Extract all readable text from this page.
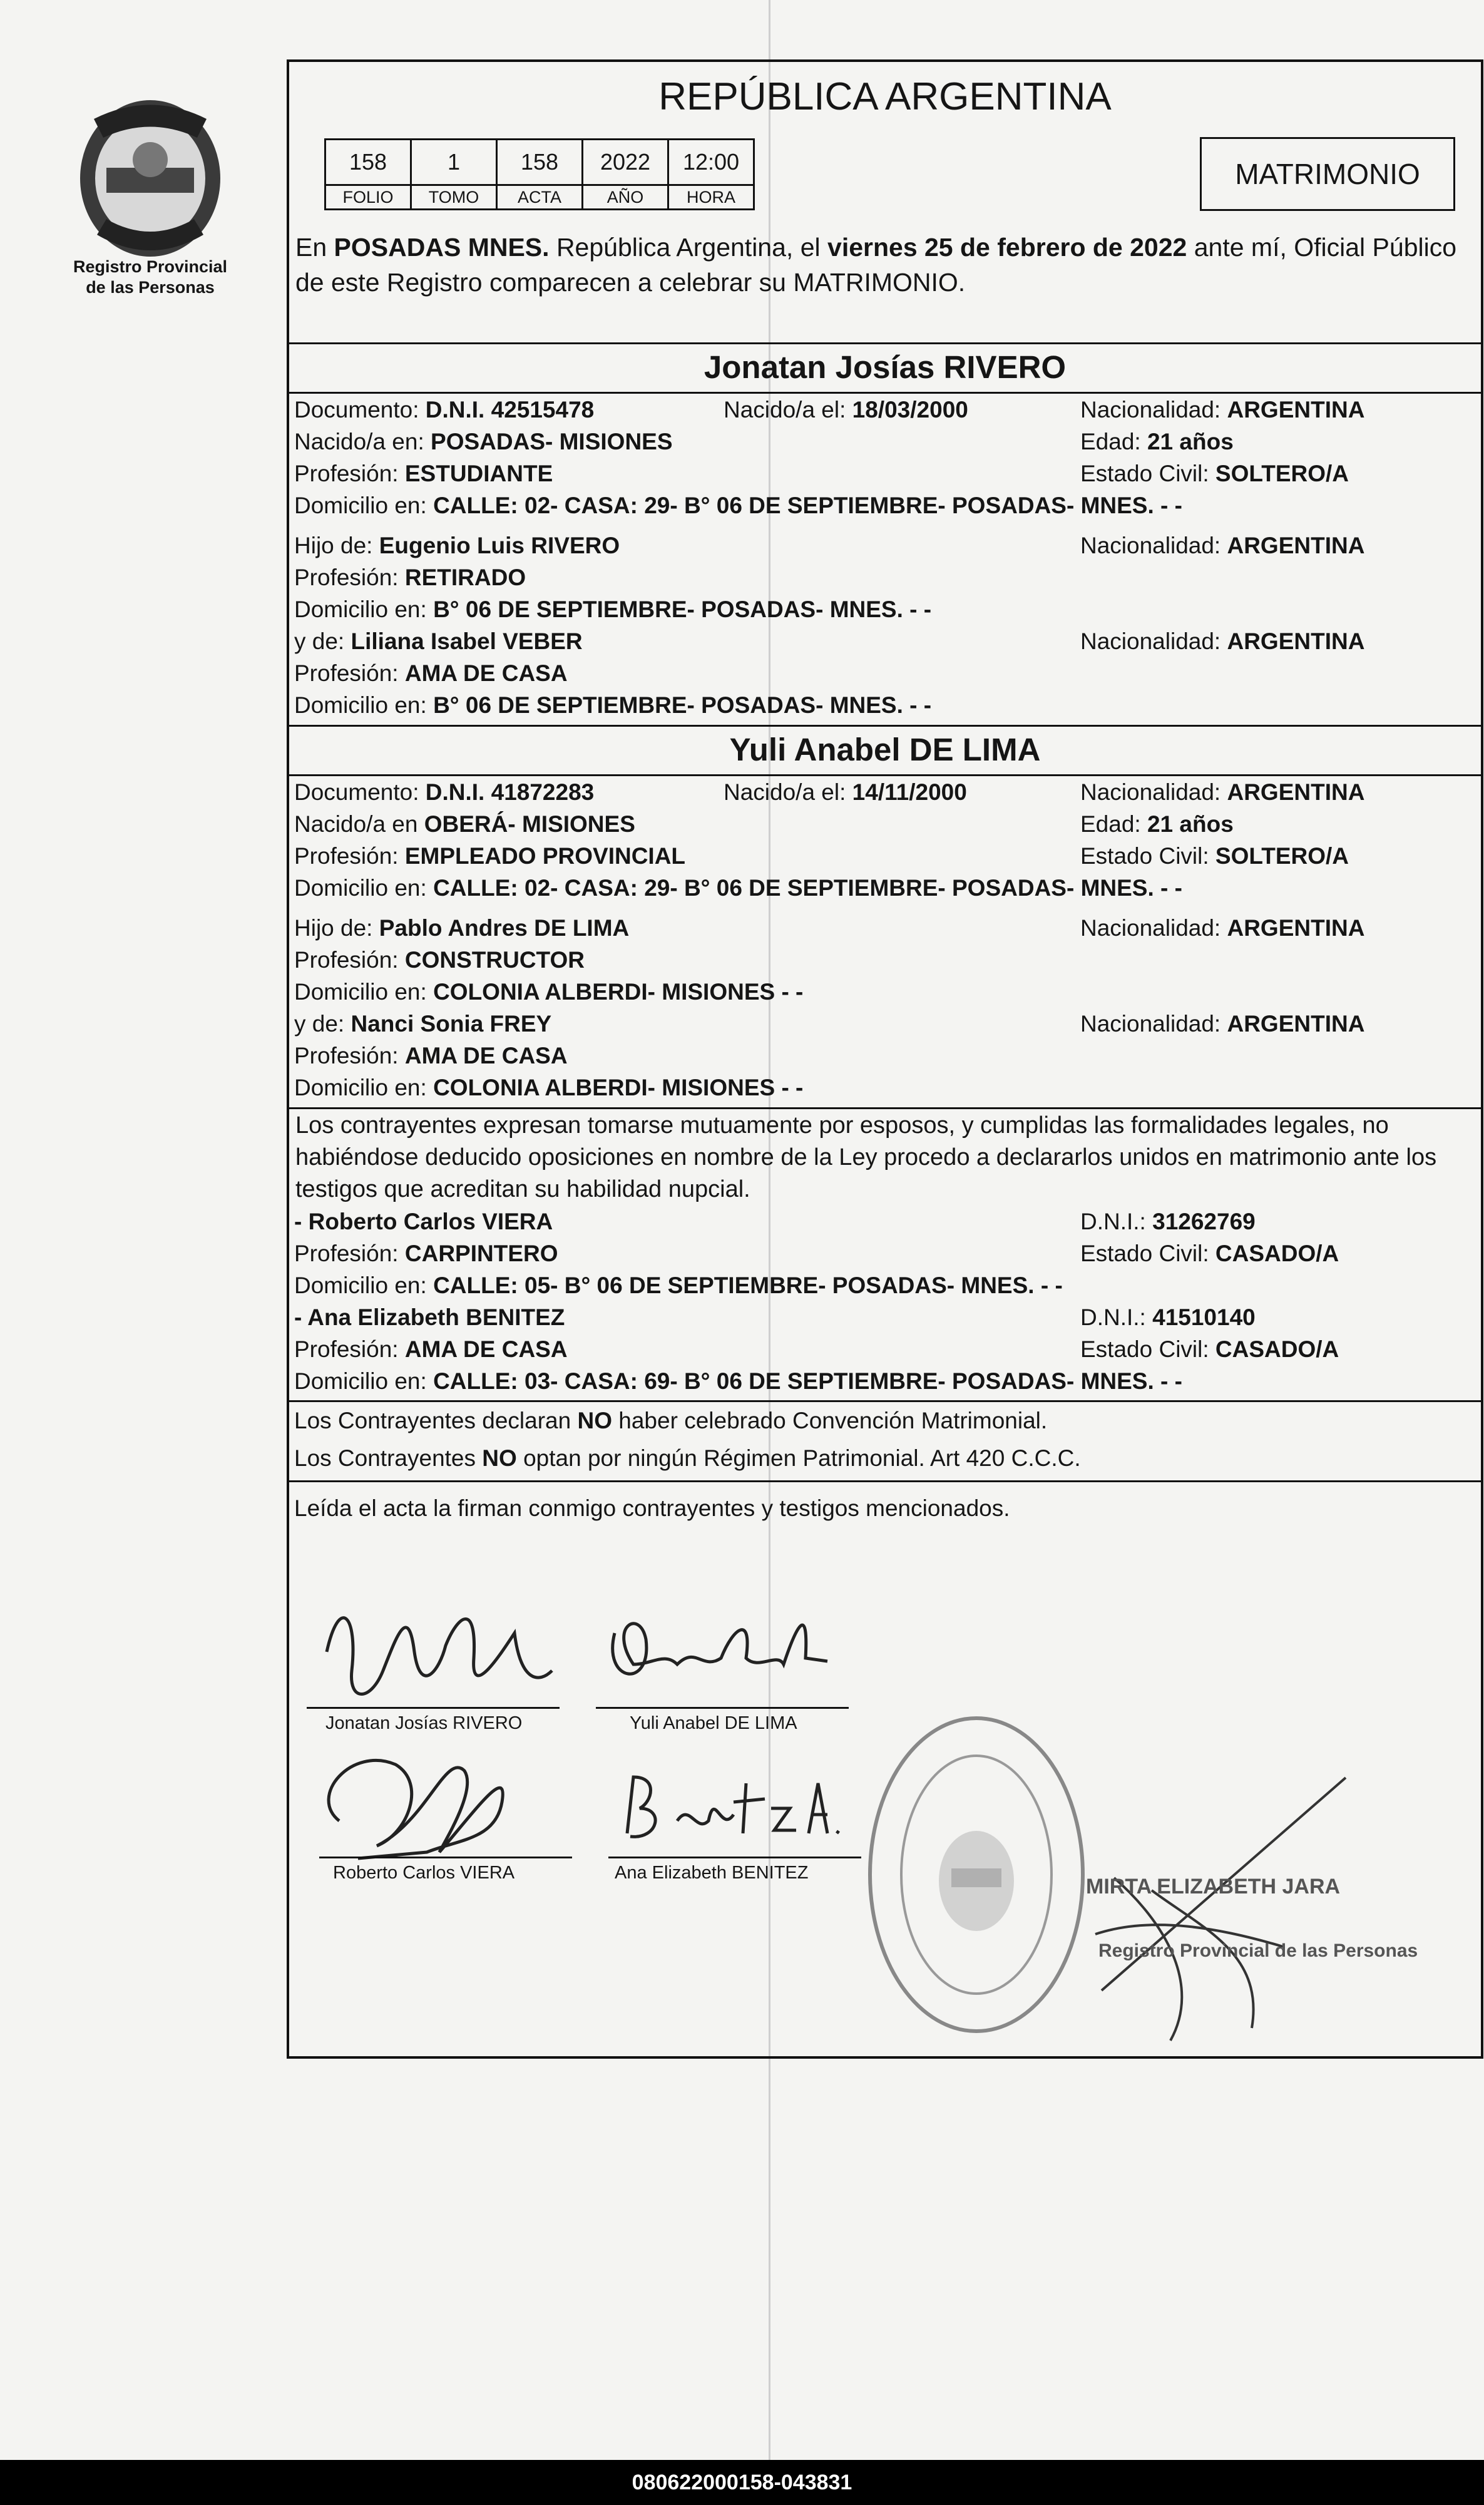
Registro Provincial
de las Personas
REPÚBLICA ARGENTINA
158	1	158	2022	12:00
FOLIO	TOMO	ACTA	AÑO	HORA
MATRIMONIO
En POSADAS MNES. República Argentina, el viernes 25 de febrero de 2022 ante mí, Oficial Público de este Registro comparecen a celebrar su MATRIMONIO.
Jonatan Josías RIVERO
Documento: D.N.I. 42515478	Nacido/a el: 18/03/2000	Nacionalidad: ARGENTINA
Nacido/a en: POSADAS- MISIONES	Edad: 21 años
Profesión: ESTUDIANTE	Estado Civil: SOLTERO/A
Domicilio en: CALLE: 02- CASA: 29- B° 06 DE SEPTIEMBRE- POSADAS- MNES. - -
Hijo de: Eugenio Luis RIVERO	Nacionalidad: ARGENTINA
Profesión: RETIRADO
Domicilio en: B° 06 DE SEPTIEMBRE- POSADAS- MNES. - -
y de: Liliana Isabel VEBER	Nacionalidad: ARGENTINA
Profesión: AMA DE CASA
Domicilio en: B° 06 DE SEPTIEMBRE- POSADAS- MNES. - -
Yuli Anabel DE LIMA
Documento: D.N.I. 41872283	Nacido/a el: 14/11/2000	Nacionalidad: ARGENTINA
Nacido/a en OBERÁ- MISIONES	Edad: 21 años
Profesión: EMPLEADO PROVINCIAL	Estado Civil: SOLTERO/A
Domicilio en: CALLE: 02- CASA: 29- B° 06 DE SEPTIEMBRE- POSADAS- MNES. - -
Hijo de: Pablo Andres DE LIMA	Nacionalidad: ARGENTINA
Profesión: CONSTRUCTOR
Domicilio en: COLONIA ALBERDI- MISIONES - -
y de: Nanci Sonia FREY	Nacionalidad: ARGENTINA
Profesión: AMA DE CASA
Domicilio en: COLONIA ALBERDI- MISIONES - -
Los contrayentes expresan tomarse mutuamente por esposos, y cumplidas las formalidades legales, no habiéndose deducido oposiciones en nombre de la Ley procedo a declararlos unidos en matrimonio ante los testigos que acreditan su habilidad nupcial.
- Roberto Carlos VIERA	D.N.I.: 31262769
Profesión: CARPINTERO	Estado Civil: CASADO/A
Domicilio en: CALLE: 05- B° 06 DE SEPTIEMBRE- POSADAS- MNES. - -
- Ana Elizabeth BENITEZ	D.N.I.: 41510140
Profesión: AMA DE CASA	Estado Civil: CASADO/A
Domicilio en: CALLE: 03- CASA: 69- B° 06 DE SEPTIEMBRE- POSADAS- MNES. - -
Los Contrayentes declaran NO haber celebrado Convención Matrimonial.
Los Contrayentes NO optan por ningún Régimen Patrimonial. Art 420 C.C.C.
Leída el acta la firman conmigo contrayentes y testigos mencionados.
Jonatan Josías RIVERO	Yuli Anabel DE LIMA
Roberto Carlos VIERA	Ana Elizabeth BENITEZ
MIRTA ELIZABETH JARA
Registro Provincial de las Personas
080622000158-043831
